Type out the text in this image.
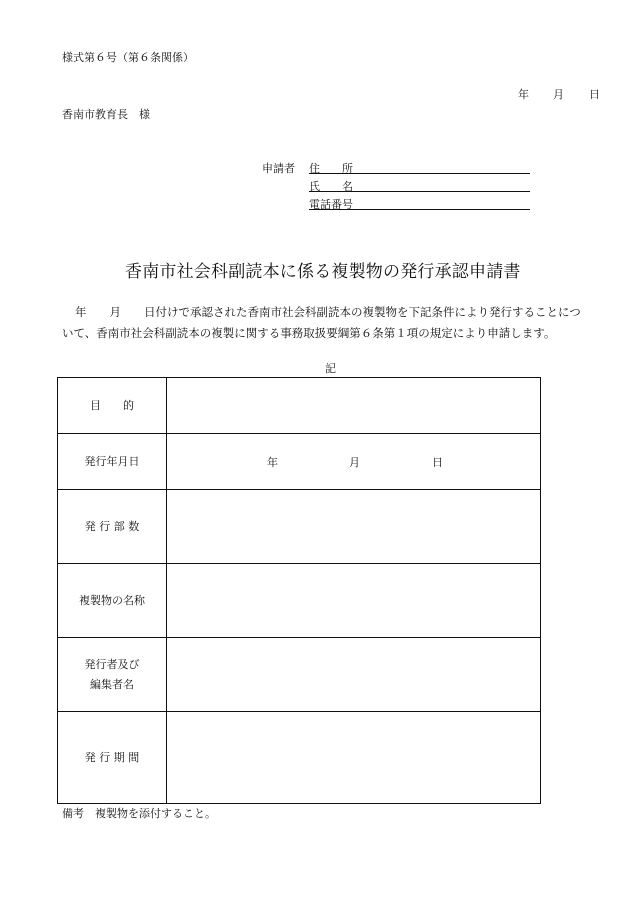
様式第６号（第６条関係）
年 月 日
香南市教育長　様
申請者 住　　所
氏　　名
電話番号
香南市社会科副読本に係る複製物の発行承認申請書
年　　月　　日付けで承認された香南市社会科副読本の複製物を下記条件により発行することにつ
いて、香南市社会科副読本の複製に関する事務取扱要綱第６条第１項の規定により申請します。
記
目　　的	
発行年月日	年 月 日

発 行 部 数	
複製物の名称	

発行者及び
編集者名	

発 行 期 間	
備考　複製物を添付すること。
